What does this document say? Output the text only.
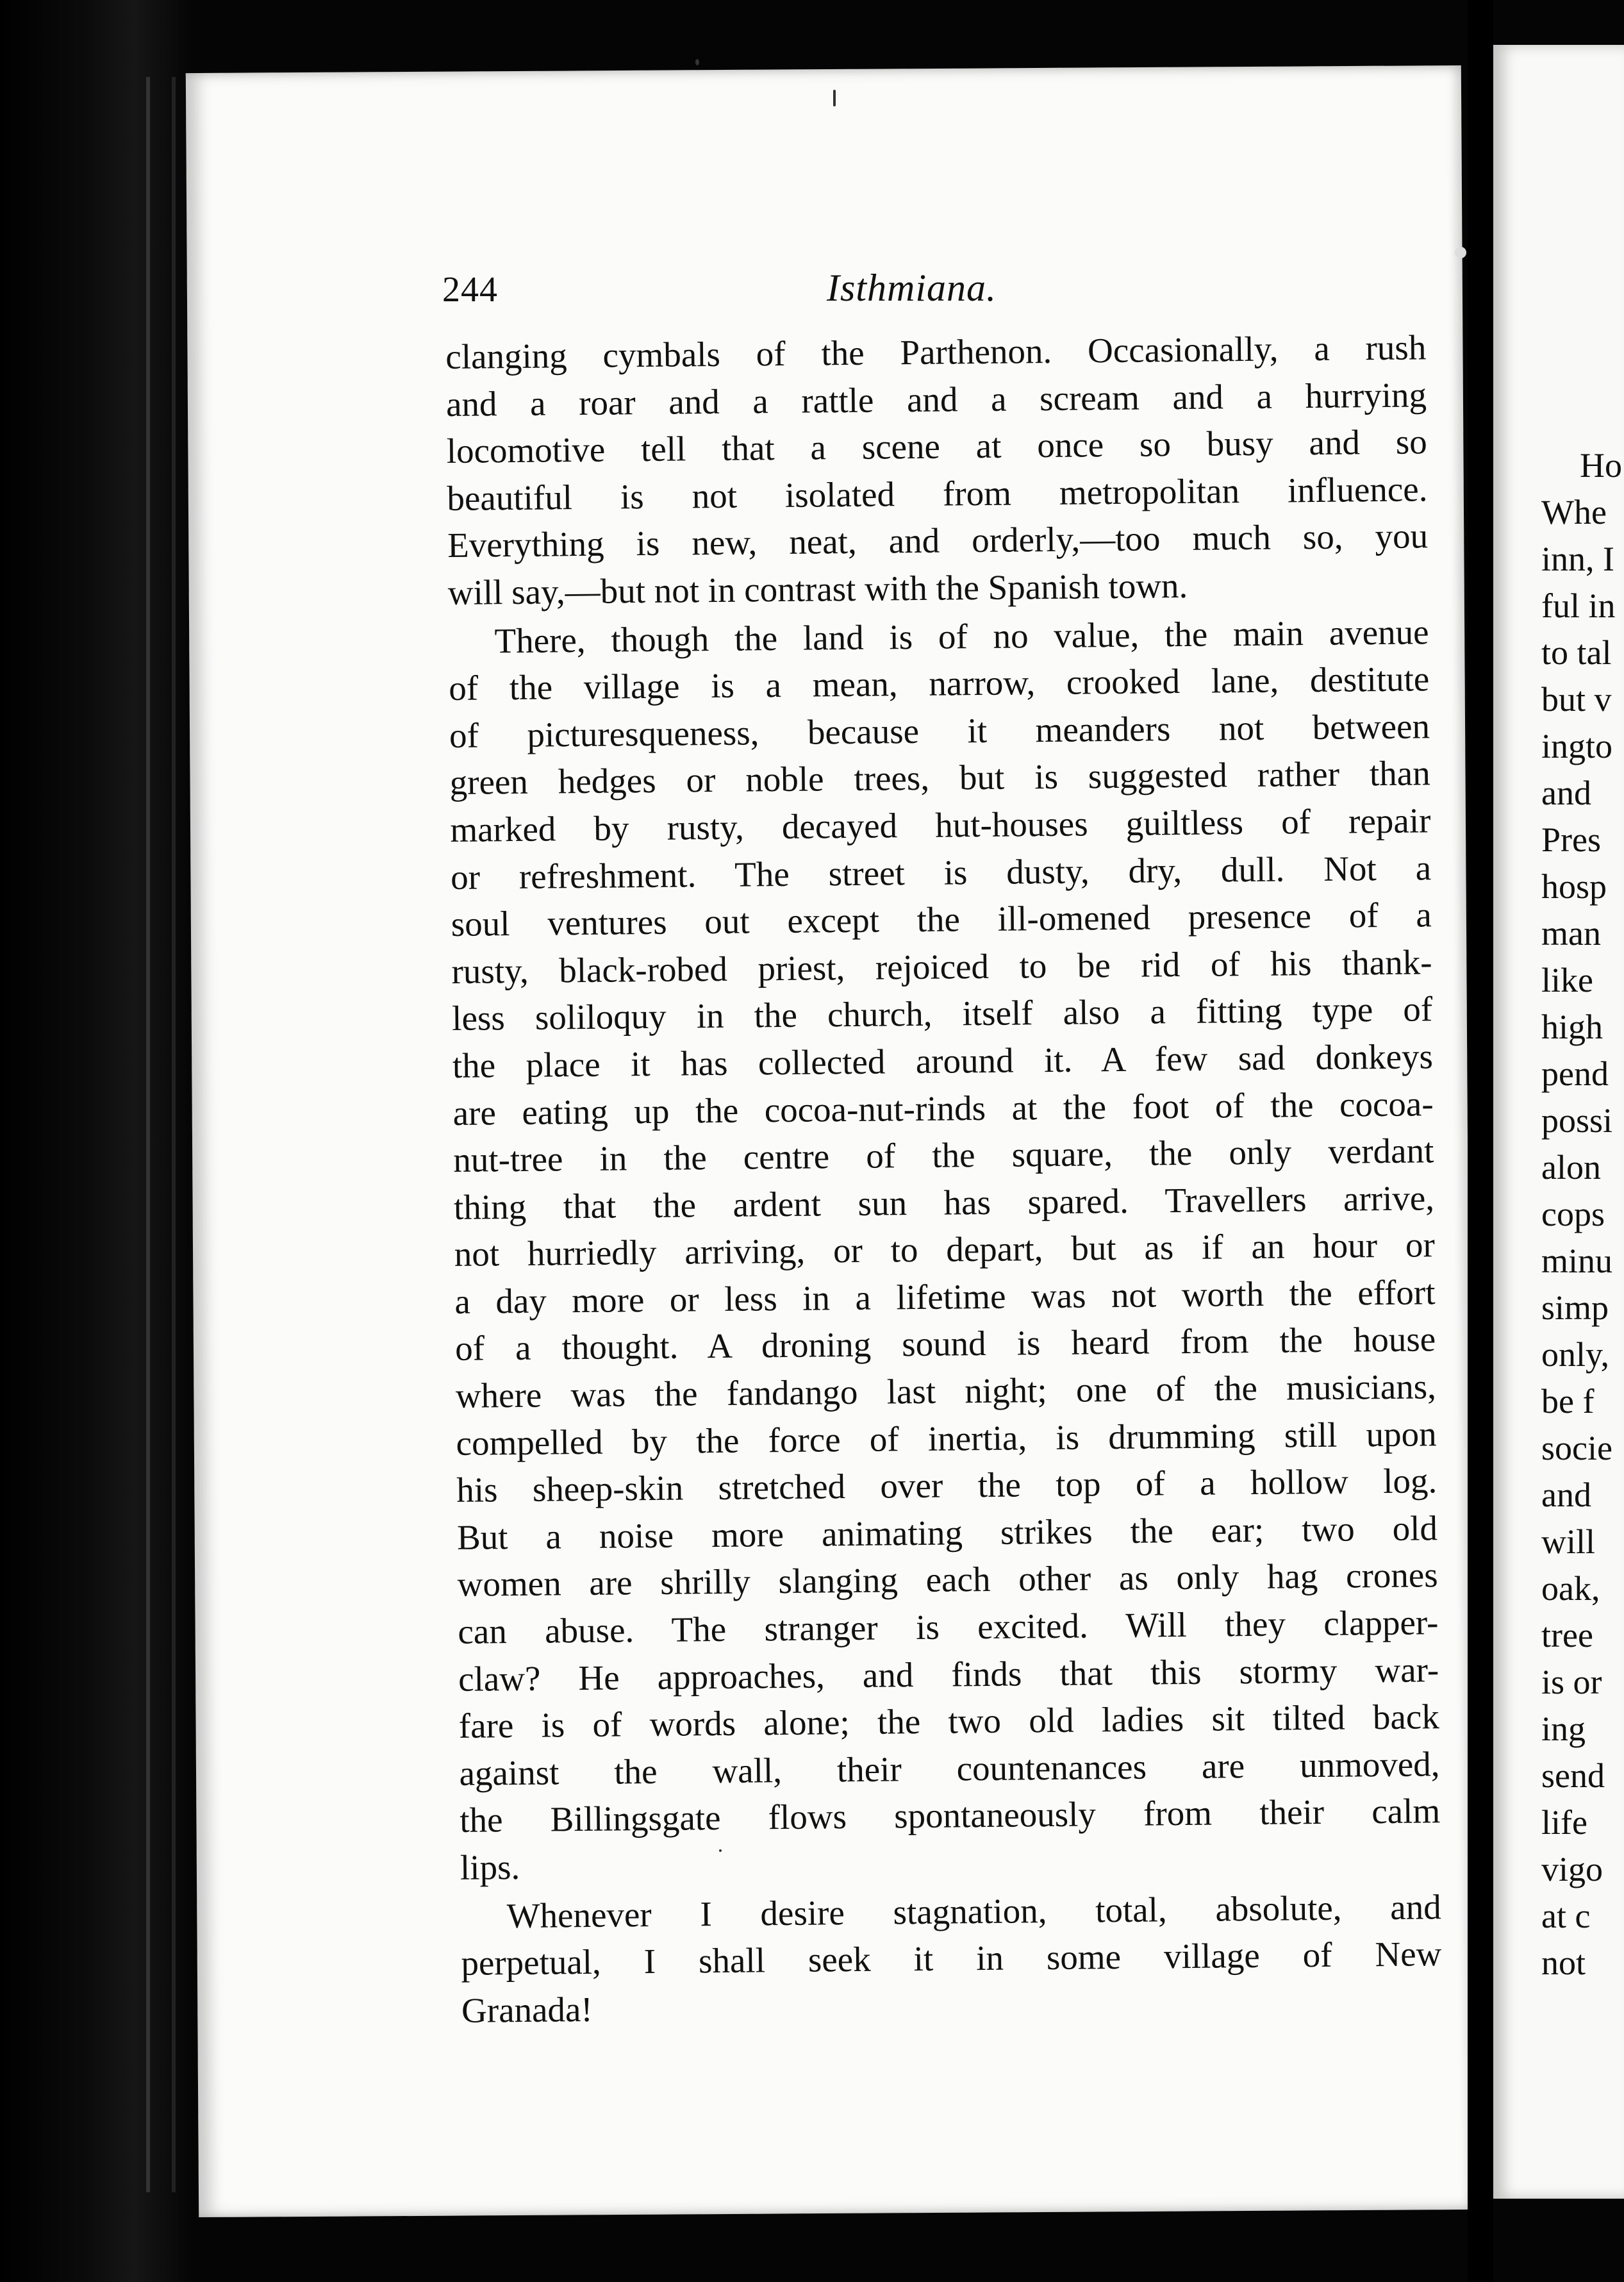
244	Isthmiana.
clanging cymbals of the Parthenon. Occasionally, a rush
and a roar and a rattle and a scream and a hurrying
locomotive tell that a scene at once so busy and so
beautiful is not isolated from metropolitan influence.
Everything is new, neat, and orderly,—too much so, you
will say,—but not in contrast with the Spanish town.
There, though the land is of no value, the main avenue
of the village is a mean, narrow, crooked lane, destitute
of picturesqueness, because it meanders not between
green hedges or noble trees, but is suggested rather than
marked by rusty, decayed hut-houses guiltless of repair
or refreshment. The street is dusty, dry, dull. Not a
soul ventures out except the ill-omened presence of a
rusty, black-robed priest, rejoiced to be rid of his thank-
less soliloquy in the church, itself also a fitting type of
the place it has collected around it. A few sad donkeys
are eating up the cocoa-nut-rinds at the foot of the cocoa-
nut-tree in the centre of the square, the only verdant
thing that the ardent sun has spared. Travellers arrive,
not hurriedly arriving, or to depart, but as if an hour or
a day more or less in a lifetime was not worth the effort
of a thought. A droning sound is heard from the house
where was the fandango last night; one of the musicians,
compelled by the force of inertia, is drumming still upon
his sheep-skin stretched over the top of a hollow log.
But a noise more animating strikes the ear; two old
women are shrilly slanging each other as only hag crones
can abuse. The stranger is excited. Will they clapper-
claw? He approaches, and finds that this stormy war-
fare is of words alone; the two old ladies sit tilted back
against the wall, their countenances are unmoved,
the Billingsgate flows spontaneously from their calm
lips.
Whenever I desire stagnation, total, absolute, and
perpetual, I shall seek it in some village of New
Granada!
Ho
Whe
inn, I
ful in
to tal
but v
ingto
and
Pres
hosp
man
like
high
pend
possi
alon
cops
minu
simp
only,
be f
socie
and
will
oak,
tree
is or
ing
send
life
vigo
at c
not
